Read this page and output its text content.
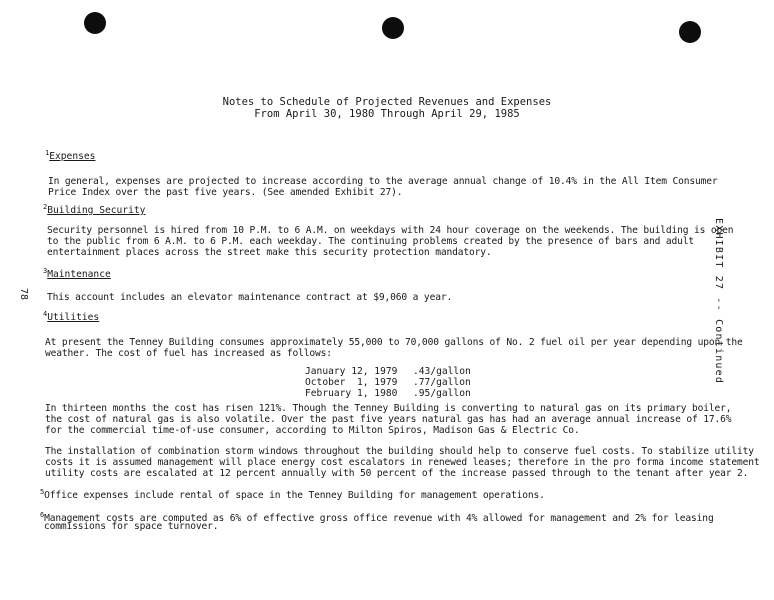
Notes to Schedule of Projected Revenues and Expenses
From April 30, 1980 Through April 29, 1985
EXHIBIT 27 -- Continued
78
$^1$Expenses
In general, expenses are projected to increase according to the average annual change of 10.4% in the All Item Consumer
Price Index over the past five years. (See amended Exhibit 27).
$^2$Building Security
Security personnel is hired from 10 P.M. to 6 A.M. on weekdays with 24 hour coverage on the weekends. The building is open
to the public from 6 A.M. to 6 P.M. each weekday. The continuing problems created by the presence of bars and adult
entertainment places across the street make this security protection mandatory.
$^3$Maintenance
This account includes an elevator maintenance contract at $9,060 a year.
$^4$Utilities
At present the Tenney Building consumes approximately 55,000 to 70,000 gallons of No. 2 fuel oil per year depending upon the
weather. The cost of fuel has increased as follows:
January 12, 1979 .43/gallon
October  1, 1979 .77/gallon
February 1, 1980 .95/gallon
In thirteen months the cost has risen 121%. Though the Tenney Building is converting to natural gas on its primary boiler,
the cost of natural gas is also volatile. Over the past five years natural gas has had an average annual increase of 17.6%
for the commercial time-of-use consumer, according to Milton Spiros, Madison Gas & Electric Co.
The installation of combination storm windows throughout the building should help to conserve fuel costs. To stabilize utility
costs it is assumed management will place energy cost escalators in renewed leases; therefore in the pro forma income statement
utility costs are escalated at 12 percent annually with 50 percent of the increase passed through to the tenant after year 2.
$^5$Office expenses include rental of space in the Tenney Building for management operations.
$^6$Management costs are computed as 6% of effective gross office revenue with 4% allowed for management and 2% for leasing
commissions for space turnover.
